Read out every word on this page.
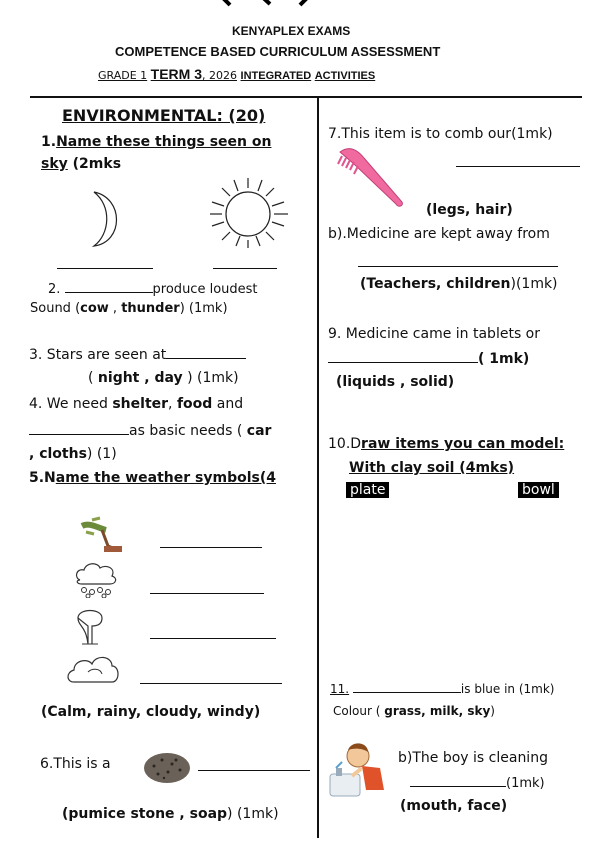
KENYAPLEX EXAMS
COMPETENCE BASED CURRICULUM ASSESSMENT
GRADE 1 TERM 3, 2026 INTEGRATED ACTIVITIES
ENVIRONMENTAL: (20)
1.Name these things seen on
sky (2mks
2.	produce loudest
Sound (cow , thunder) (1mk)
3. Stars are seen at
( night , day ) (1mk)
4. We need shelter, food and
as basic needs ( car
, cloths) (1)
5.Name the weather symbols(4
(Calm, rainy, cloudy, windy)
6.This is a
(pumice stone , soap) (1mk)
7.This item is to comb our(1mk)
(legs, hair)
b).Medicine are kept away from
(Teachers, children)(1mk)
9. Medicine came in tablets or
( 1mk)
(liquids , solid)
10.Draw items you can model:
With clay soil (4mks)
plate	bowl
11.	is blue in (1mk)
Colour ( grass, milk, sky)
b)The boy is cleaning
(1mk)
(mouth, face)
